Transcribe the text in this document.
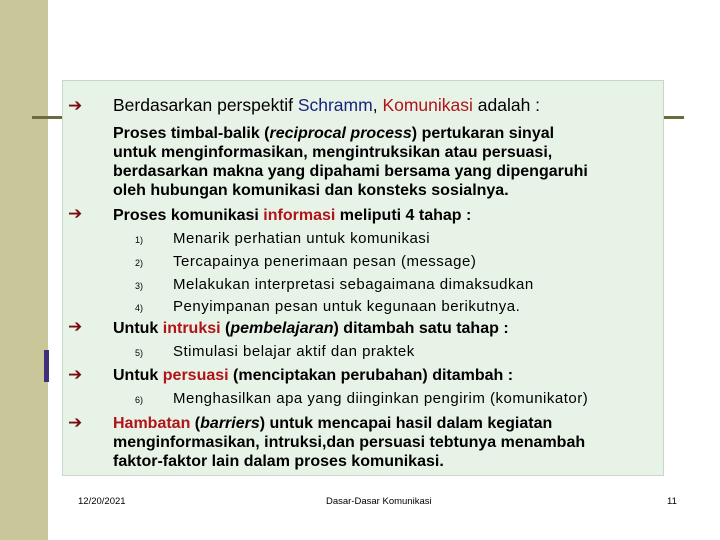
➔
➔
➔
➔
➔
Berdasarkan perspektif Schramm, Komunikasi adalah :
Proses timbal-balik (reciprocal process) pertukaran sinyal
untuk menginformasikan, mengintruksikan atau persuasi,
berdasarkan makna yang dipahami bersama yang dipengaruhi
oleh hubungan komunikasi dan konsteks sosialnya.
Proses komunikasi informasi meliputi 4 tahap :
1) Menarik perhatian untuk komunikasi
2) Tercapainya penerimaan pesan (message)
3) Melakukan interpretasi sebagaimana dimaksudkan
4) Penyimpanan pesan untuk kegunaan berikutnya.
Untuk intruksi (pembelajaran) ditambah satu tahap :
5) Stimulasi belajar aktif dan praktek
Untuk persuasi (menciptakan perubahan) ditambah :
6) Menghasilkan apa yang diinginkan pengirim (komunikator)
Hambatan (barriers) untuk mencapai hasil dalam kegiatan
menginformasikan, intruksi,dan persuasi tebtunya menambah
faktor-faktor lain dalam proses komunikasi.
12/20/2021	Dasar-Dasar Komunikasi	11
